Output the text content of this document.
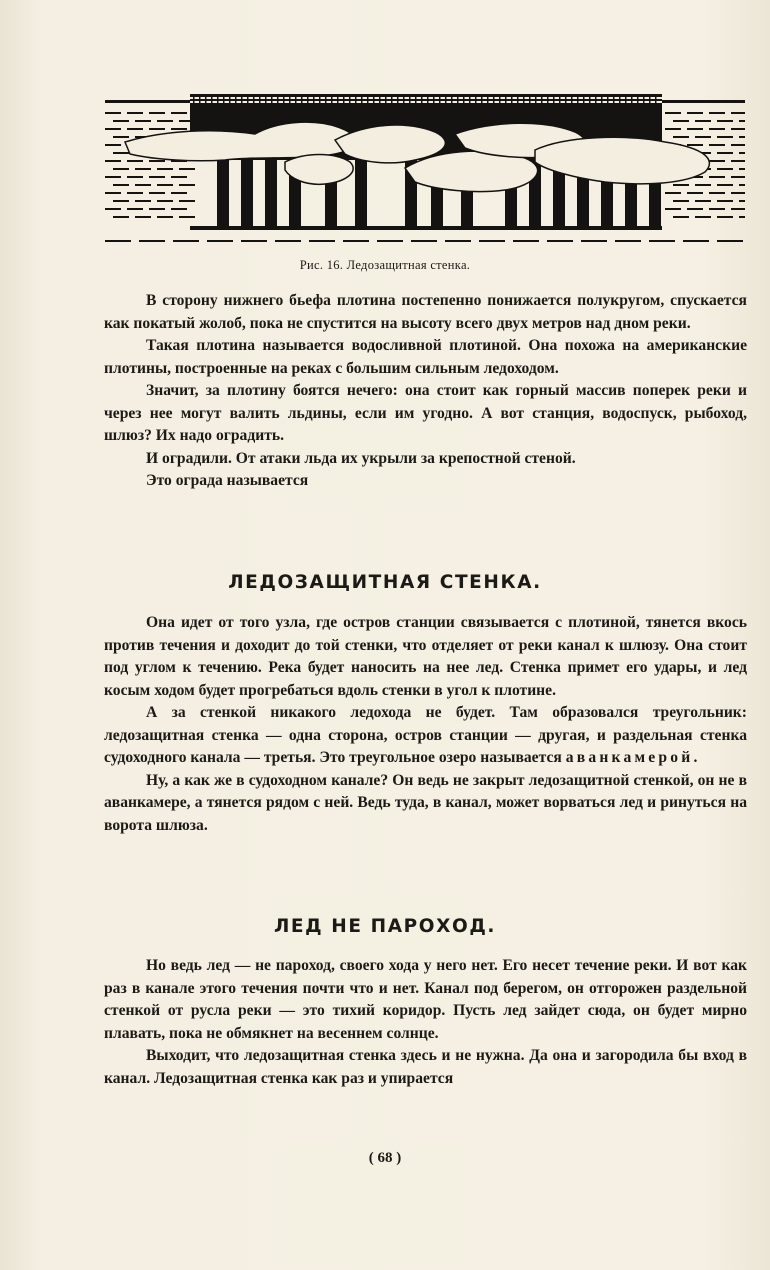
Рис. 16. Ледозащитная стенка.

В сторону нижнего бьефа плотина постепенно понижается полукругом, спускается как покатый жолоб, пока не спустится на высоту всего двух метров над дном реки.

Такая плотина называется водосливной плотиной. Она похожа на американские плотины, построенные на реках с большим сильным ледоходом.

Значит, за плотину боятся нечего: она стоит как горный массив поперек реки и через нее могут валить льдины, если им угодно. А вот станция, водоспуск, рыбоход, шлюз? Их надо оградить.

И оградили. От атаки льда их укрыли за крепостной стеной.

Это ограда называется

ЛЕДОЗАЩИТНАЯ СТЕНКА.

Она идет от того узла, где остров станции связывается с плотиной, тянется вкось против течения и доходит до той стенки, что отделяет от реки канал к шлюзу. Она стоит под углом к течению. Река будет наносить на нее лед. Стенка примет его удары, и лед косым ходом будет прогребаться вдоль стенки в угол к плотине.

А за стенкой никакого ледохода не будет. Там образовался треугольник: ледозащитная стенка — одна сторона, остров станции — другая, и раздельная стенка судоходного канала — третья. Это треугольное озеро называется аванкамерой.

Ну, а как же в судоходном канале? Он ведь не закрыт ледозащитной стенкой, он не в аванкамере, а тянется рядом с ней. Ведь туда, в канал, может ворваться лед и ринуться на ворота шлюза.

ЛЕД НЕ ПАРОХОД.

Но ведь лед — не пароход, своего хода у него нет. Его несет течение реки. И вот как раз в канале этого течения почти что и нет. Канал под берегом, он отгорожен раздельной стенкой от русла реки — это тихий коридор. Пусть лед зайдет сюда, он будет мирно плавать, пока не обмякнет на весеннем солнце.

Выходит, что ледозащитная стенка здесь и не нужна. Да она и загородила бы вход в канал. Ледозащитная стенка как раз и упирается

( 68 )
